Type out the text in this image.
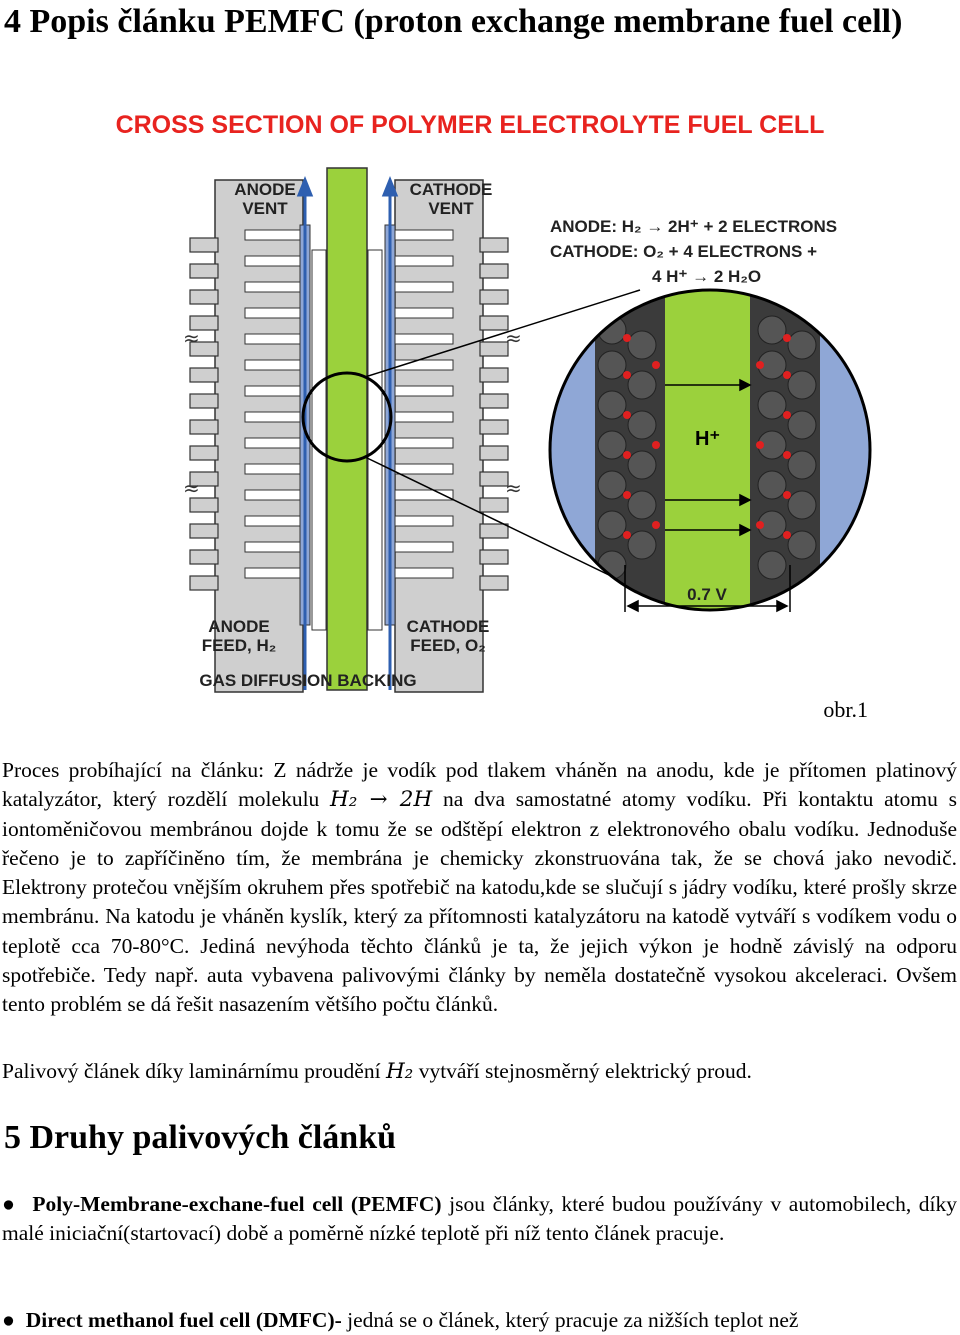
4 Popis článku PEMFC (proton exchange membrane fuel cell)
CROSS SECTION OF POLYMER ELECTROLYTE FUEL CELL
≈
≈
≈
≈
ANODE
VENT
CATHODE
VENT
ANODE
FEED, H₂
CATHODE
FEED, O₂
GAS DIFFUSION BACKING
ANODE: H₂ → 2H⁺ + 2 ELECTRONS
CATHODE: O₂ + 4 ELECTRONS +
4 H⁺ → 2 H₂O
H⁺
0.7 V
obr.1
Proces probíhající na článku: Z nádrže je vodík pod tlakem vháněn na anodu, kde je přítomen platinový katalyzátor, který rozdělí molekulu H₂ → 2H na dva samostatné atomy vodíku. Při kontaktu atomu s iontoměničovou membránou dojde k tomu že se odštěpí elektron z elektronového obalu vodíku. Jednoduše řečeno je to zapříčiněno tím, že membrána je chemicky zkonstruována tak, že se chová jako nevodič. Elektrony protečou vnějším okruhem přes spotřebič na katodu,kde se slučují s jádry vodíku, které prošly skrze membránu. Na katodu je vháněn kyslík, který za přítomnosti katalyzátoru na katodě vytváří s vodíkem vodu o teplotě cca 70-80°C. Jediná nevýhoda těchto článků je ta, že jejich výkon je hodně závislý na odporu spotřebiče. Tedy např. auta vybavena palivovými články by neměla dostatečně vysokou akceleraci. Ovšem tento problém se dá řešit nasazením většího počtu článků.
Palivový článek díky laminárnímu proudění H₂ vytváří stejnosměrný elektrický proud.
5 Druhy palivových článků
● Poly-Membrane-exchane-fuel cell (PEMFC) jsou články, které budou používány v automobilech, díky malé iniciační(startovací) době a poměrně nízké teplotě při níž tento článek pracuje.
● Direct methanol fuel cell (DMFC)- jedná se o článek, který pracuje za nižších teplot než
